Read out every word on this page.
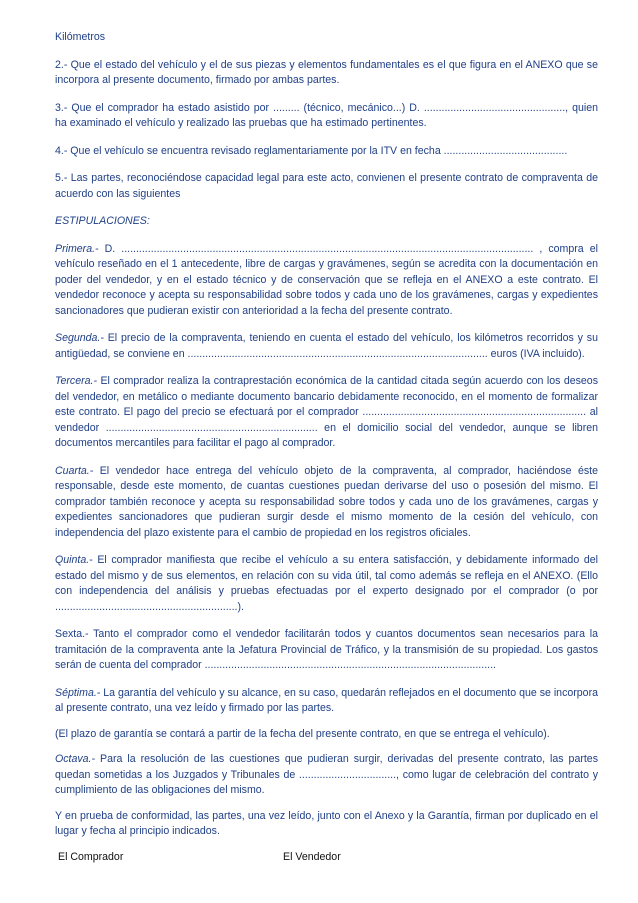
Kilómetros

2.- Que el estado del vehículo y el de sus piezas y elementos fundamentales es el que figura en el ANEXO que se incorpora al presente documento, firmado por ambas partes.

3.- Que el comprador ha estado asistido por ......... (técnico, mecánico...) D. ................................................, quien ha examinado el vehículo y realizado las pruebas que ha estimado pertinentes.

4.- Que el vehículo se encuentra revisado reglamentariamente por la ITV en fecha ..........................................

5.- Las partes, reconociéndose capacidad legal para este acto, convienen el presente contrato de compraventa de acuerdo con las siguientes

ESTIPULACIONES:

Primera.- D. ............................................................................................................................................ , compra el vehículo reseñado en el 1 antecedente, libre de cargas y gravámenes, según se acredita con la documentación en poder del vendedor, y en el estado técnico y de conservación que se refleja en el ANEXO a este contrato. El vendedor reconoce y acepta su responsabilidad sobre todos y cada uno de los gravámenes, cargas y expedientes sancionadores que pudieran existir con anterioridad a la fecha del presente contrato.

Segunda.- El precio de la compraventa, teniendo en cuenta el estado del vehículo, los kilómetros recorridos y su antigüedad, se conviene en ...................................................................................................... euros (IVA incluido).

Tercera.- El comprador realiza la contraprestación económica de la cantidad citada según acuerdo con los deseos del vendedor, en metálico o mediante documento bancario debidamente reconocido, en el momento de formalizar este contrato. El pago del precio se efectuará por el comprador ............................................................................ al vendedor ........................................................................ en el domicilio social del vendedor, aunque se libren documentos mercantiles para facilitar el pago al comprador.

Cuarta.- El vendedor hace entrega del vehículo objeto de la compraventa, al comprador, haciéndose éste responsable, desde este momento, de cuantas cuestiones puedan derivarse del uso o posesión del mismo. El comprador también reconoce y acepta su responsabilidad sobre todos y cada uno de los gravámenes, cargas y expedientes sancionadores que pudieran surgir desde el mismo momento de la cesión del vehículo, con independencia del plazo existente para el cambio de propiedad en los registros oficiales.

Quinta.- El comprador manifiesta que recibe el vehículo a su entera satisfacción, y debidamente informado del estado del mismo y de sus elementos, en relación con su vida útil, tal como además se refleja en el ANEXO. (Ello con independencia del análisis y pruebas efectuadas por el experto designado por el comprador (o por ..............................................................).

Sexta.- Tanto el comprador como el vendedor facilitarán todos y cuantos documentos sean necesarios para la tramitación de la compraventa ante la Jefatura Provincial de Tráfico, y la transmisión de su propiedad. Los gastos serán de cuenta del comprador ...................................................................................................

Séptima.- La garantía del vehículo y su alcance, en su caso, quedarán reflejados en el documento que se incorpora al presente contrato, una vez leído y firmado por las partes.

(El plazo de garantía se contará a partir de la fecha del presente contrato, en que se entrega el vehículo).

Octava.- Para la resolución de las cuestiones que pudieran surgir, derivadas del presente contrato, las partes quedan sometidas a los Juzgados y Tribunales de ................................., como lugar de celebración del contrato y cumplimiento de las obligaciones del mismo.

Y en prueba de conformidad, las partes, una vez leído, junto con el Anexo y la Garantía, firman por duplicado en el lugar y fecha al principio indicados.

El Comprador	El Vendedor
